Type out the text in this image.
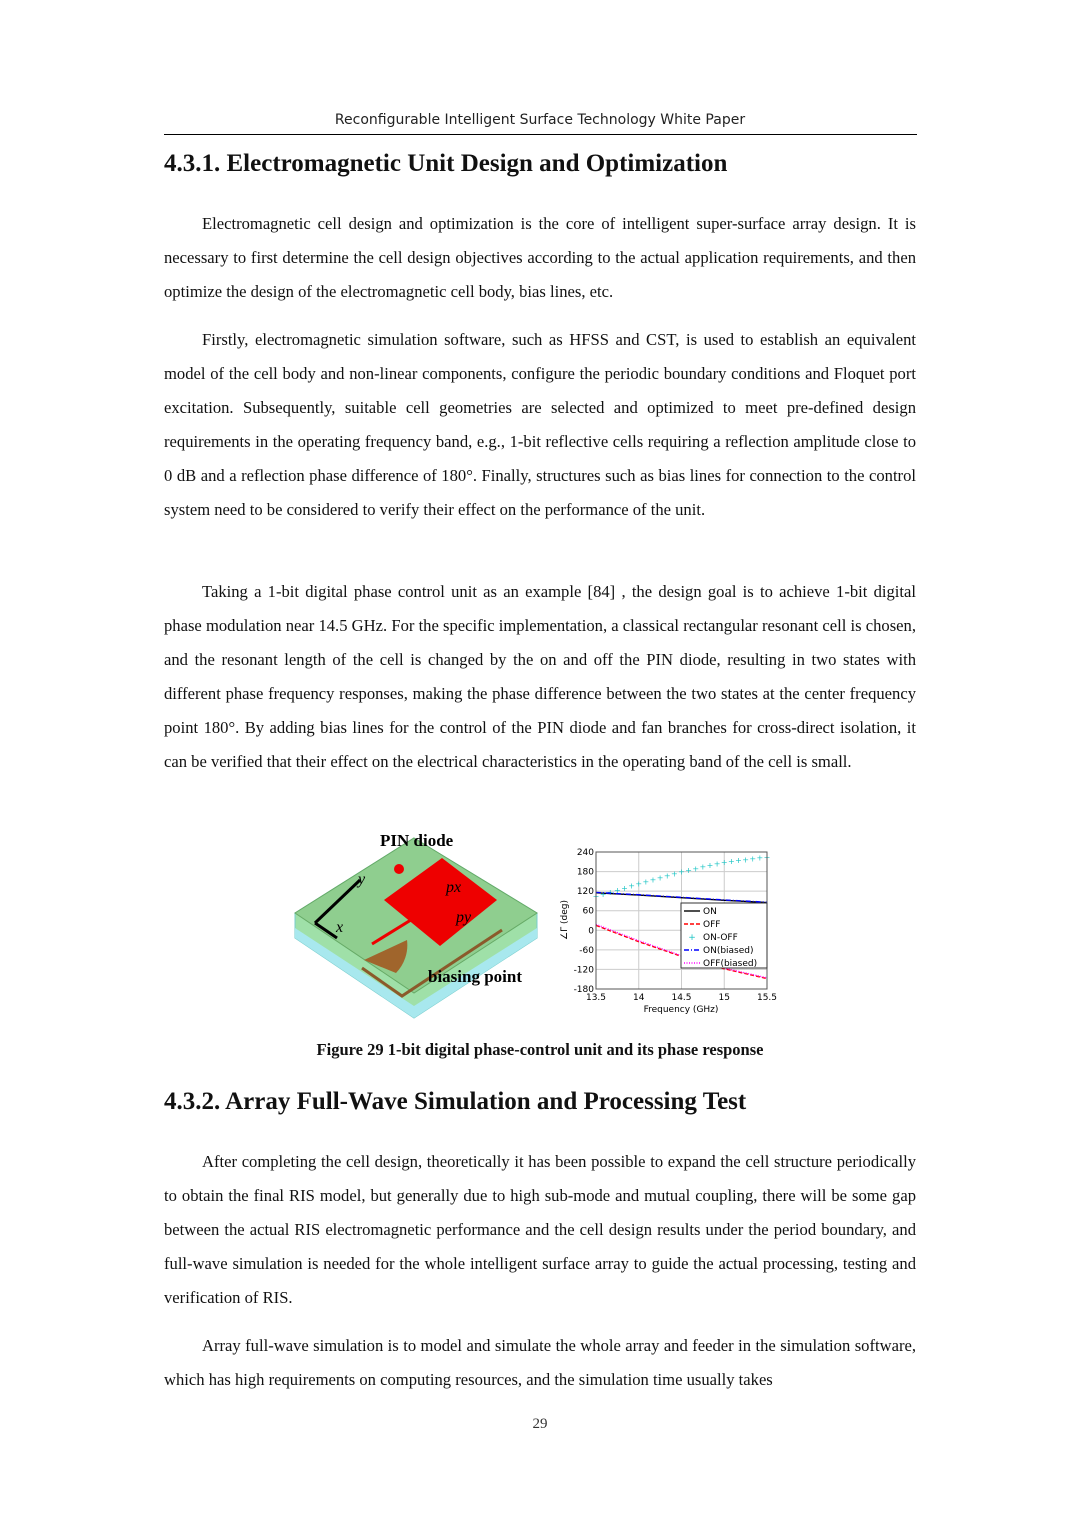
Reconfigurable Intelligent Surface Technology White Paper
4.3.1. Electromagnetic Unit Design and Optimization
Electromagnetic cell design and optimization is the core of intelligent super-surface array design. It is necessary to first determine the cell design objectives according to the actual application requirements, and then optimize the design of the electromagnetic cell body, bias lines, etc.
Firstly, electromagnetic simulation software, such as HFSS and CST, is used to establish an equivalent model of the cell body and non-linear components, configure the periodic boundary conditions and Floquet port excitation. Subsequently, suitable cell geometries are selected and optimized to meet pre-defined design requirements in the operating frequency band, e.g., 1-bit reflective cells requiring a reflection amplitude close to 0 dB and a reflection phase difference of 180°. Finally, structures such as bias lines for connection to the control system need to be considered to verify their effect on the performance of the unit.
Taking a 1-bit digital phase control unit as an example [84] , the design goal is to achieve 1-bit digital phase modulation near 14.5 GHz. For the specific implementation, a classical rectangular resonant cell is chosen, and the resonant length of the cell is changed by the on and off the PIN diode, resulting in two states with different phase frequency responses, making the phase difference between the two states at the center frequency point 180°. By adding bias lines for the control of the PIN diode and fan branches for cross-direct isolation, it can be verified that their effect on the electrical characteristics in the operating band of the cell is small.
PIN diode
biasing point
px
py
x
y
+ + + + + + + + + + + + + + + + + + + + + + + + +
13.5	14	14.5	15	15.5
240
180
120
60
0
-60
-120
-180
Frequency (GHz)
∠Γ (deg)	ON
OFF
+ ON-OFF
ON(biased)
OFF(biased)
Figure 29 1-bit digital phase-control unit and its phase response
4.3.2. Array Full-Wave Simulation and Processing Test
After completing the cell design, theoretically it has been possible to expand the cell structure periodically to obtain the final RIS model, but generally due to high sub-mode and mutual coupling, there will be some gap between the actual RIS electromagnetic performance and the cell design results under the period boundary, and full-wave simulation is needed for the whole intelligent surface array to guide the actual processing, testing and verification of RIS.
Array full-wave simulation is to model and simulate the whole array and feeder in the simulation software, which has high requirements on computing resources, and the simulation time usually takes
29
